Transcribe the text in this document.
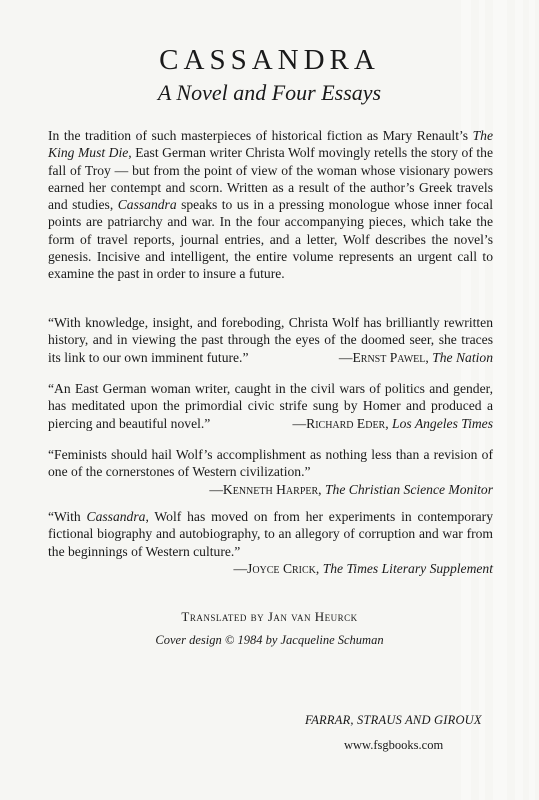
CASSANDRA
A Novel and Four Essays

In the tradition of such masterpieces of historical fiction as Mary Renault’s The King Must Die, East German writer Christa Wolf movingly retells the story of the fall of Troy — but from the point of view of the woman whose visionary powers earned her contempt and scorn. Written as a result of the author’s Greek travels and studies, Cassandra speaks to us in a pressing monologue whose inner focal points are patriarchy and war. In the four accompanying pieces, which take the form of travel reports, journal entries, and a letter, Wolf describes the novel’s genesis. Incisive and intelligent, the entire volume represents an urgent call to examine the past in order to insure a future.

“With knowledge, insight, and foreboding, Christa Wolf has brilliantly rewritten history, and in viewing the past through the eyes of the doomed seer, she traces its link to our own imminent future.”	—Ernst Pawel, The Nation

“An East German woman writer, caught in the civil wars of politics and gender, has meditated upon the primordial civic strife sung by Homer and produced a piercing and beautiful novel.”	—Richard Eder, Los Angeles Times

“Feminists should hail Wolf’s accomplishment as nothing less than a revision of one of the cornerstones of Western civilization.”
—Kenneth Harper, The Christian Science Monitor

“With Cassandra, Wolf has moved on from her experiments in contemporary fictional biography and autobiography, to an allegory of corruption and war from the beginnings of Western culture.”
—Joyce Crick, The Times Literary Supplement

Translated by Jan van Heurck
Cover design © 1984 by Jacqueline Schuman
FARRAR, STRAUS AND GIROUX
www.fsgbooks.com
